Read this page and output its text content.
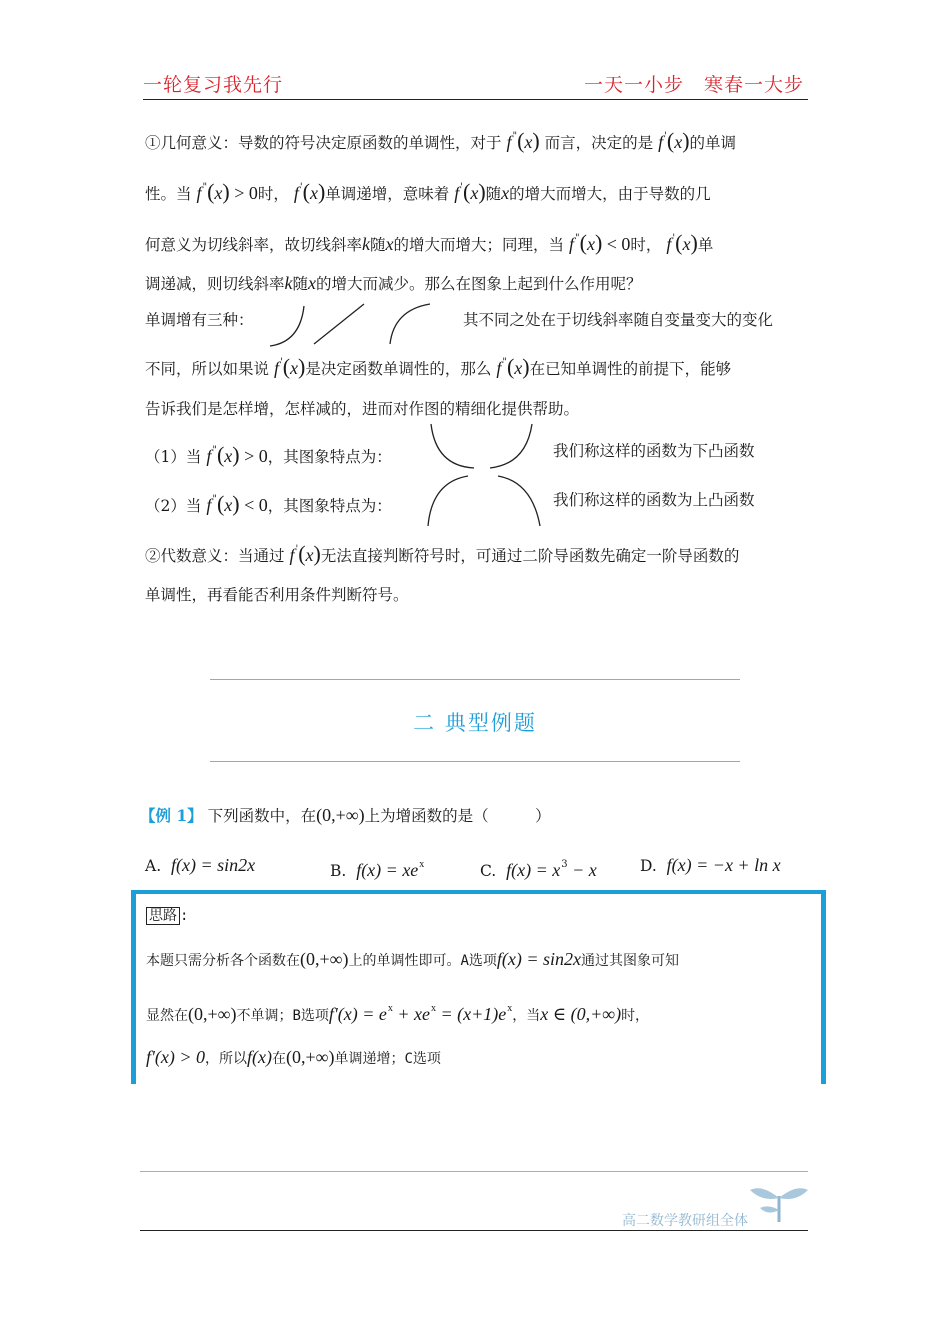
一轮复习我先行	一天一小步　寒春一大步
①几何意义：导数的符号决定原函数的单调性，对于 f"(x) 而言，决定的是 f'(x)的单调
性。当 f"(x) > 0时， f'(x)单调递增，意味着 f'(x)随x的增大而增大，由于导数的几
何意义为切线斜率，故切线斜率k随x的增大而增大；同理，当 f"(x) < 0时， f'(x)单
调递减，则切线斜率k随x的增大而减少。那么在图象上起到什么作用呢？
单调增有三种：	其不同之处在于切线斜率随自变量变大的变化
不同，所以如果说 f'(x)是决定函数单调性的，那么 f"(x)在已知单调性的前提下，能够
告诉我们是怎样增，怎样减的，进而对作图的精细化提供帮助。
（1）当 f"(x) > 0，其图象特点为：	我们称这样的函数为下凸函数
（2）当 f"(x) < 0，其图象特点为：	我们称这样的函数为上凸函数
②代数意义：当通过 f'(x)无法直接判断符号时，可通过二阶导函数先确定一阶导函数的
单调性，再看能否利用条件判断符号。
二 典型例题
【例 1】 下列函数中，在(0,+∞)上为增函数的是（　　　）
A. f(x) = sin2x	B. $f(x) = xe^x$	C. $f(x) = x^3 - x$	D. f(x) = −x + ln x
思路 :
本题只需分析各个函数在(0,+∞)上的单调性即可。A选项f(x) = sin2x通过其图象可知
显然在(0,+∞)不单调；B选项$f'(x) = e^x + xe^x = (x+1)e^x$，当x ∈ (0,+∞)时，
f'(x) > 0，所以f(x)在(0,+∞)单调递增；C选项
高二数学教研组全体
